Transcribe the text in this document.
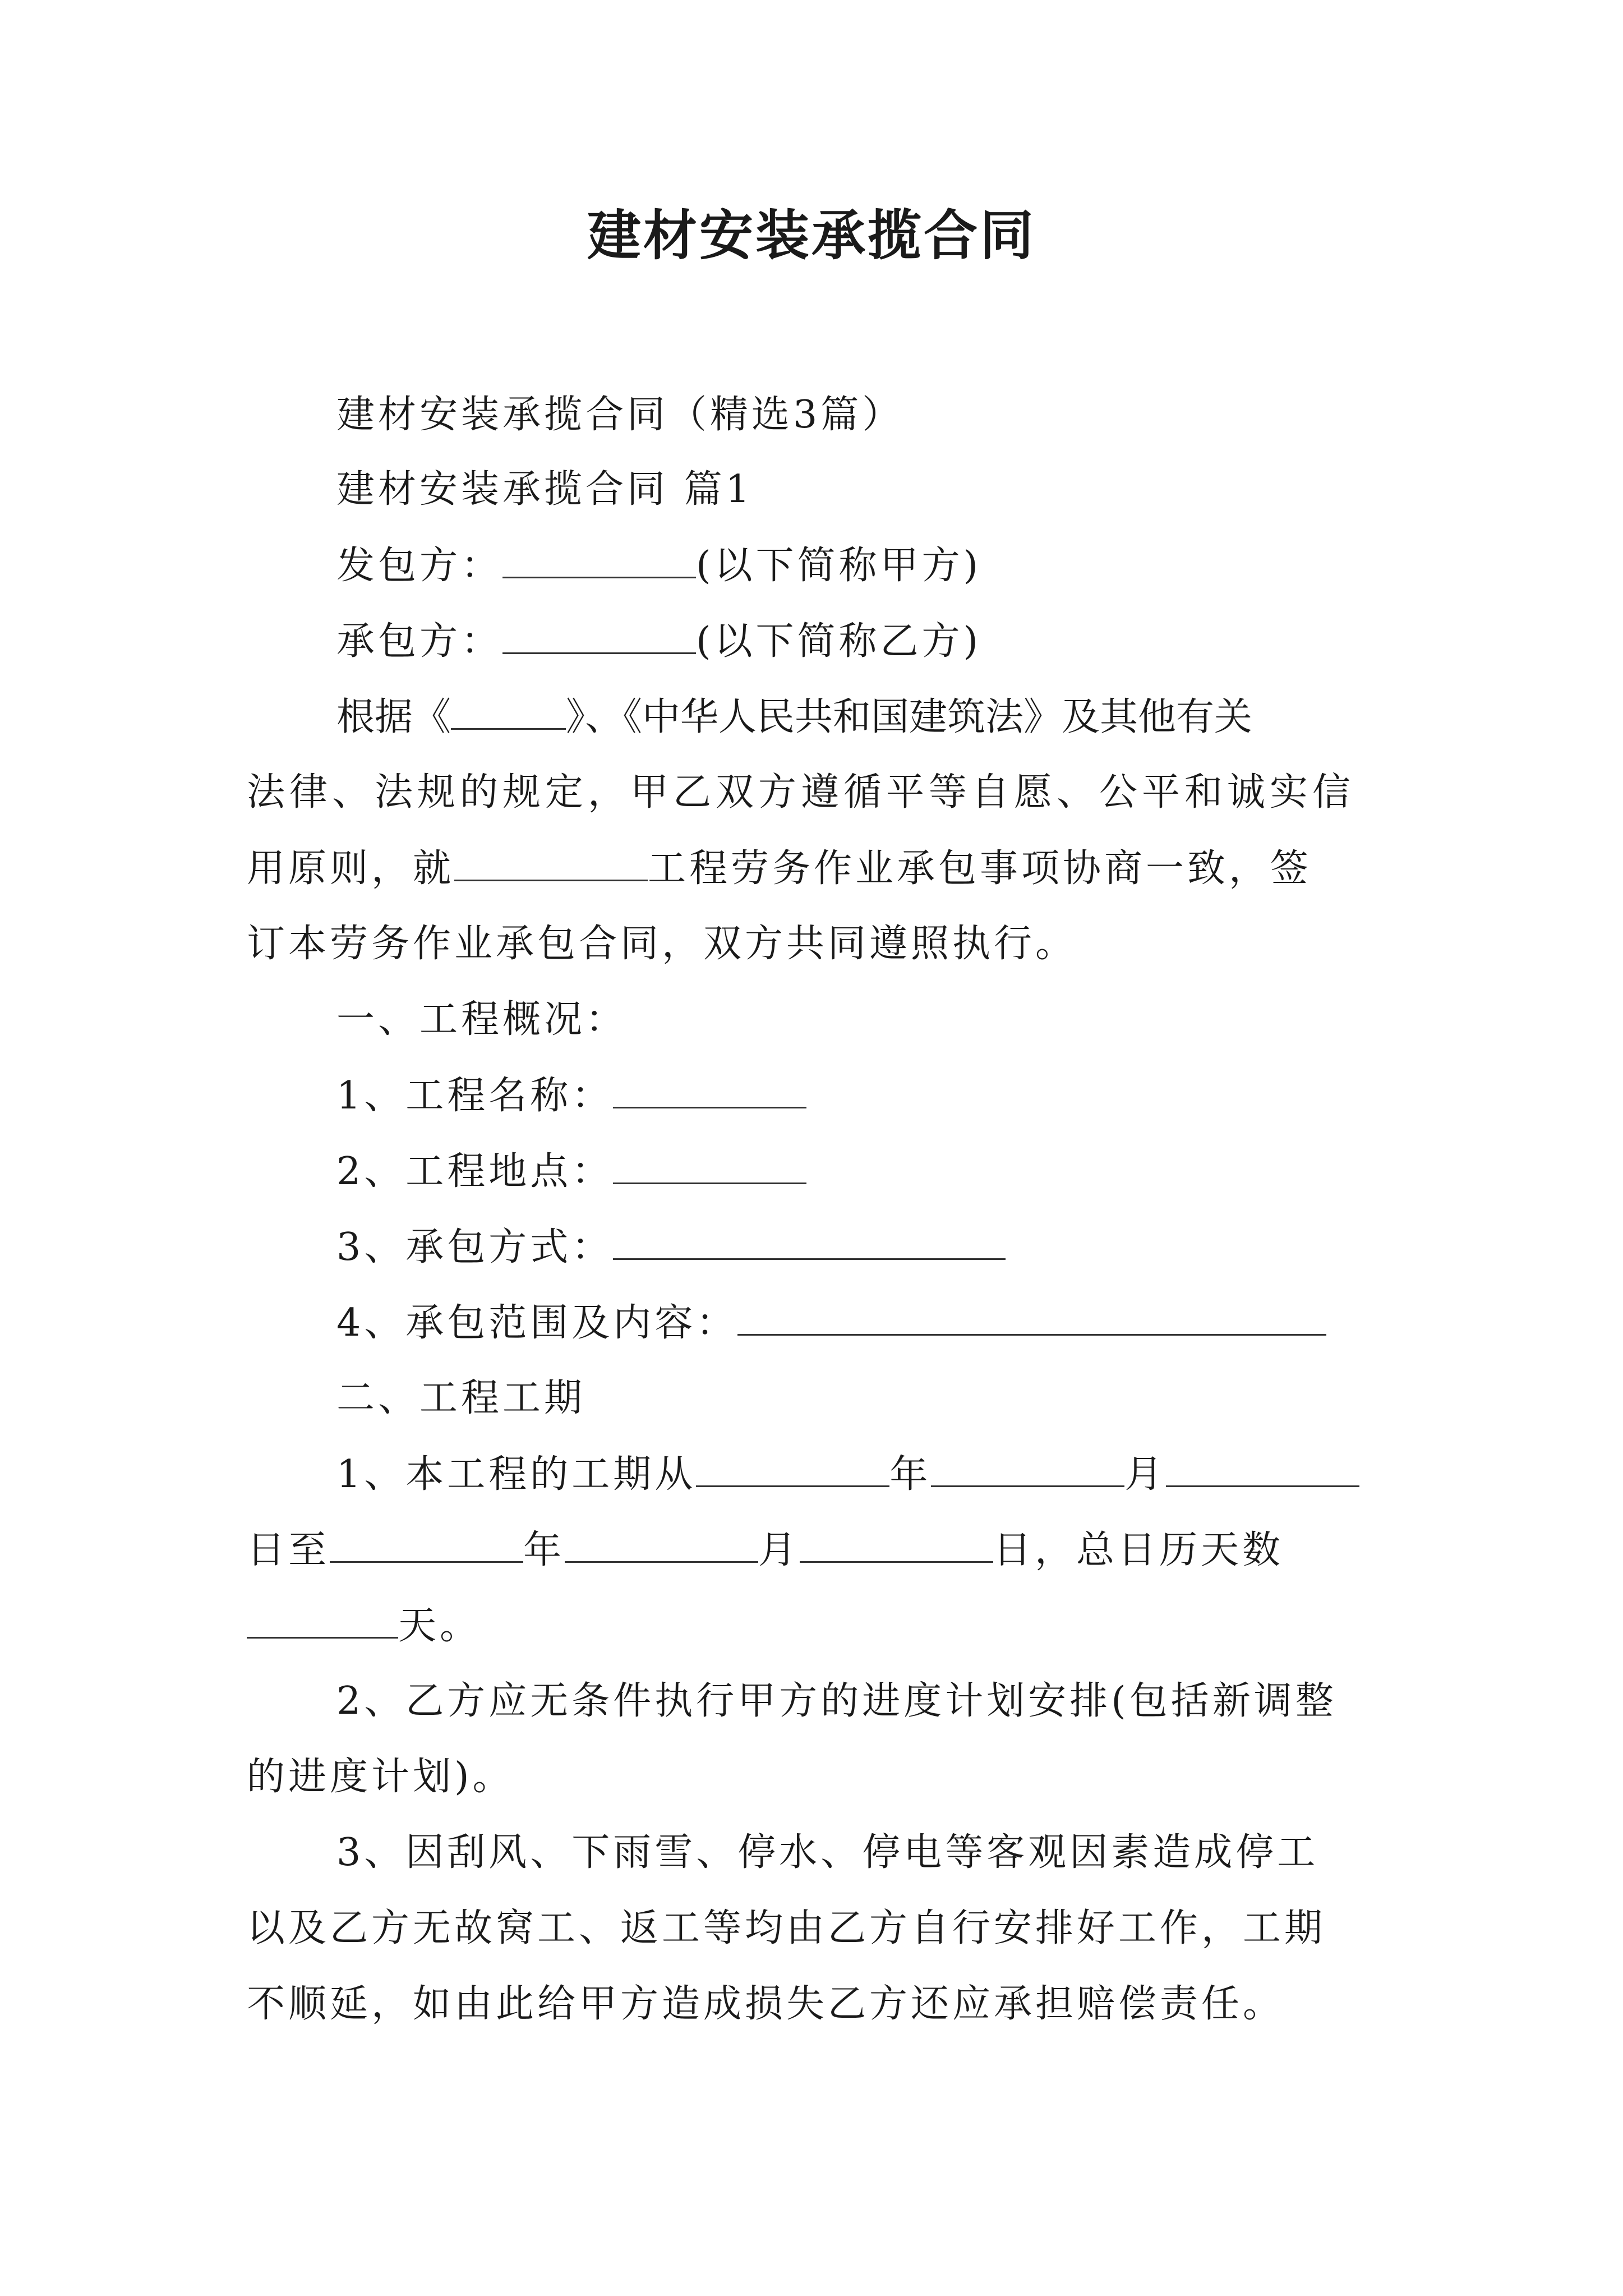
建材安装承揽合同
建材安装承揽合同（精选3篇）
建材安装承揽合同 篇1
发包方：	(以下简称甲方)
承包方：	(以下简称乙方)
根据《	》、《中华人民共和国建筑法》及其他有关
法律、法规的规定，甲乙双方遵循平等自愿、公平和诚实信
用原则，就	工程劳务作业承包事项协商一致，签
订本劳务作业承包合同，双方共同遵照执行。
一、工程概况：
1、工程名称：
2、工程地点：
3、承包方式：
4、承包范围及内容：
二、工程工期
1、本工程的工期从	年	月
日至	年	月	日，总日历天数
天。
2、乙方应无条件执行甲方的进度计划安排(包括新调整
的进度计划)。
3、因刮风、下雨雪、停水、停电等客观因素造成停工
以及乙方无故窝工、返工等均由乙方自行安排好工作，工期
不顺延，如由此给甲方造成损失乙方还应承担赔偿责任。
